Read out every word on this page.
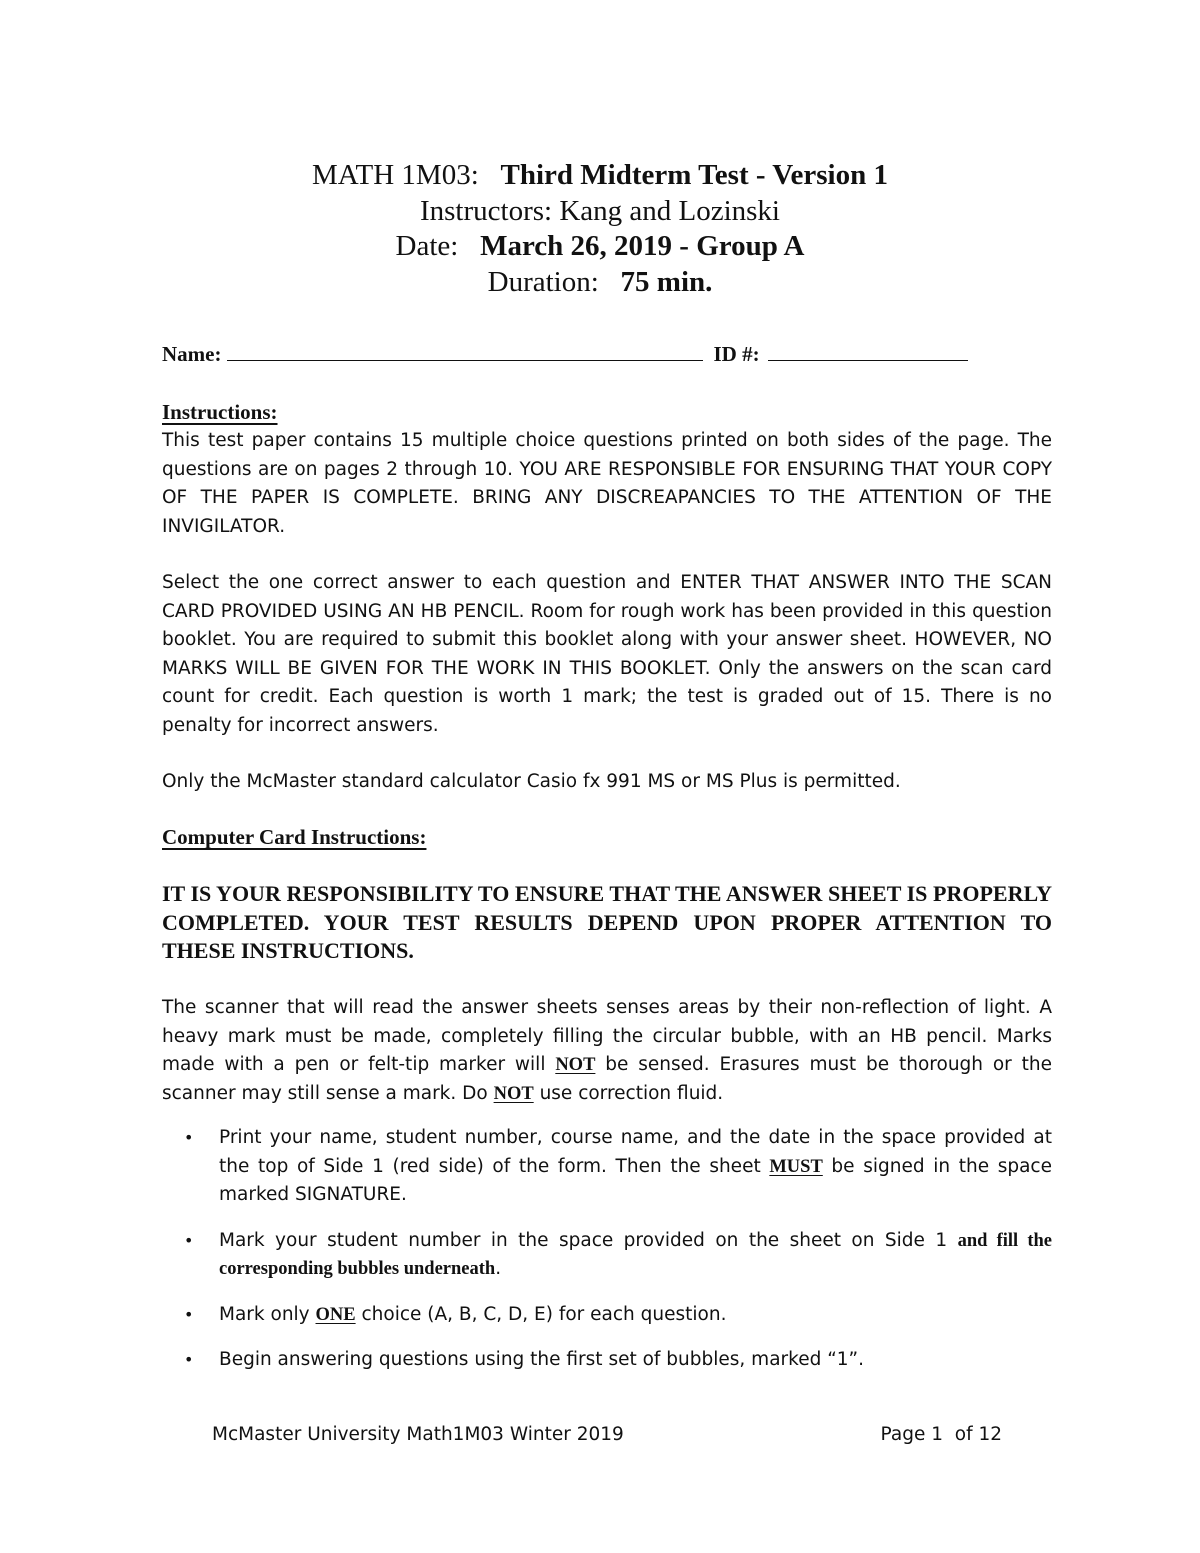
MATH 1M03: Third Midterm Test - Version 1
Instructors: Kang and Lozinski
Date: March 26, 2019 - Group A
Duration: 75 min.
Name:	ID #:
Instructions:

This test paper contains 15 multiple choice questions printed on both sides of the page. The questions are on pages 2 through 10. YOU ARE RESPONSIBLE FOR ENSURING THAT YOUR COPY OF THE PAPER IS COMPLETE. BRING ANY DISCREAPANCIES TO THE ATTENTION OF THE INVIGILATOR.

Select the one correct answer to each question and ENTER THAT ANSWER INTO THE SCAN CARD PROVIDED USING AN HB PENCIL. Room for rough work has been provided in this question booklet. You are required to submit this booklet along with your answer sheet. HOWEVER, NO MARKS WILL BE GIVEN FOR THE WORK IN THIS BOOKLET. Only the answers on the scan card count for credit. Each question is worth 1 mark; the test is graded out of 15. There is no penalty for incorrect answers.

Only the McMaster standard calculator Casio fx 991 MS or MS Plus is permitted.

Computer Card Instructions:
IT IS YOUR RESPONSIBILITY TO ENSURE THAT THE ANSWER SHEET IS PROPERLY COMPLETED. YOUR TEST RESULTS DEPEND UPON PROPER ATTENTION TO THESE INSTRUCTIONS.

The scanner that will read the answer sheets senses areas by their non-reflection of light. A heavy mark must be made, completely filling the circular bubble, with an HB pencil. Marks made with a pen or felt-tip marker will NOT be sensed. Erasures must be thorough or the scanner may still sense a mark. Do NOT use correction fluid.

• Print your name, student number, course name, and the date in the space provided at the top of Side 1 (red side) of the form. Then the sheet MUST be signed in the space marked SIGNATURE.
• Mark your student number in the space provided on the sheet on Side 1 and fill the corresponding bubbles underneath.
• Mark only ONE choice (A, B, C, D, E) for each question.
• Begin answering questions using the first set of bubbles, marked “1”.
McMaster University Math1M03 Winter 2019	Page 1  of 12
